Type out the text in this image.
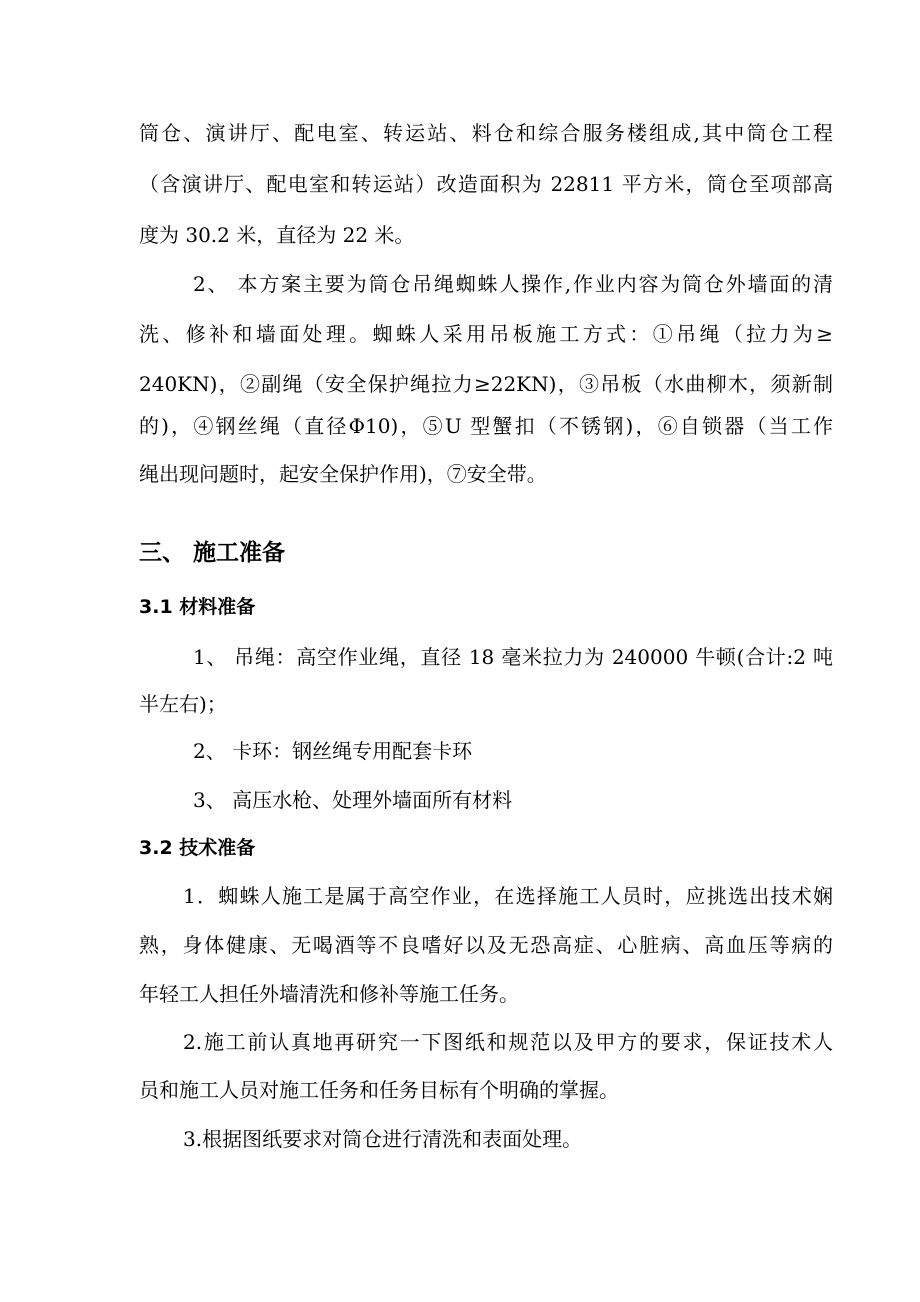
筒仓、演讲厅、配电室、转运站、料仓和综合服务楼组成,其中筒仓工程
（含演讲厅、配电室和转运站）改造面积为 22811 平方米，筒仓至项部高
度为 30.2 米，直径为 22 米。
2、 本方案主要为筒仓吊绳蜘蛛人操作,作业内容为筒仓外墙面的清
洗、修补和墙面处理。蜘蛛人采用吊板施工方式：①吊绳（拉力为≥
240KN)，②副绳（安全保护绳拉力≥22KN)，③吊板（水曲柳木，须新制
的)，④钢丝绳（直径Φ10)，⑤U 型蟹扣（不锈钢)，⑥自锁器（当工作
绳出现问题时，起安全保护作用)，⑦安全带。
三、 施工准备
3.1 材料准备
1、 吊绳：高空作业绳，直径 18 毫米拉力为 240000 牛顿(合计:2 吨
半左右)；
2、 卡环：钢丝绳专用配套卡环
3、 高压水枪、处理外墙面所有材料
3.2 技术准备
1．蜘蛛人施工是属于高空作业，在选择施工人员时，应挑选出技术娴
熟，身体健康、无喝酒等不良嗜好以及无恐高症、心脏病、高血压等病的
年轻工人担任外墙清洗和修补等施工任务。
2.施工前认真地再研究一下图纸和规范以及甲方的要求，保证技术人
员和施工人员对施工任务和任务目标有个明确的掌握。
3.根据图纸要求对筒仓进行清洗和表面处理。
